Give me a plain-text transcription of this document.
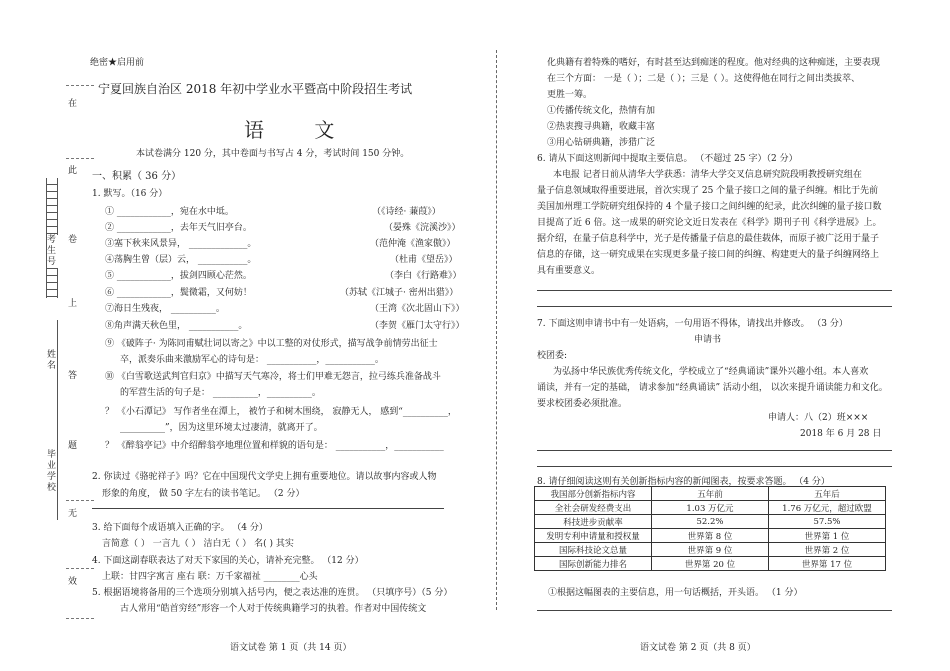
在
此
卷
上
答
题
无
效
考生号
姓名
毕业学校
绝密★启用前
宁夏回族自治区 2018 年初中学业水平暨高中阶段招生考试
语 文
本试卷满分 120 分，其中卷面与书写占 4 分，考试时间 150 分钟。
一、积累（ 36 分）
1. 默写。（16 分）
① ____________，宛在水中坻。	（《诗经· 蒹葭》）
② ____________，去年天气旧亭台。	（晏殊《浣溪沙》）
③塞下秋来风景异， _____________。	（范仲淹《渔家傲》）
④荡胸生曾（层）云， ___________。	（杜甫《望岳》）
⑤ ____________，拔剑四顾心茫然。	（李白《行路难》）
⑥ ____________，鬓微霜，又何妨！	（苏轼《江城子· 密州出猎》）
⑦海日生残夜， __________。	（王湾《次北固山下》）
⑧角声满天秋色里， ___________。	（李贺《雁门太守行》）
⑨ 《破阵子· 为陈同甫赋壮词以寄之》中以工整的对仗形式，描写战争前情劳出征士
卒，派奏乐曲来激励军心的诗句是： ___________，___________。
⑩ 《白雪歌送武判官归京》中描写天气寒冷，将士们甲难无怨言，拉弓练兵准备战斗
的军营生活的句子是： __________，__________。
？ 《小石潭记》 写作者坐在潭上， 被竹子和树木围绕， 寂静无人， 感到“__________，
__________”，因为这里环境太过凄清，就离开了。
？ 《醉翁亭记》中介绍醉翁亭地理位置和样貌的语句是： ___________，___________
2. 你读过《骆驼祥子》吗？它在中国现代文学史上拥有重要地位。请以故事内容或人物
形象的角度， 做 50 字左右的读书笔记。 （2 分）
3. 给下面每个成语填入正确的字。 （4 分）
言简意（ ） 一言九（ ） 洁白无（ ） 名( ) 其实
4. 下面这副春联表达了对天下家国的关心，请补充完整。 （12 分）
上联：甘四字寓言 座右 联：万千家福祉 ________心头
5. 根据语境将备用的三个选项分别填入括号内，便之表达准的连贯。 （只填序号）（5 分）
古人常用“皓首穷经”形容一个人对于传统典籍学习的执着。作者对中国传统文
语文试卷 第 1 页（共 14 页）
化典籍有着特殊的嗜好，有时甚至达到痴迷的程度。他对经典的这种痴迷，主要表现
在三个方面： 一是（ ）；二是（ ）；三是（ ）。这使得他在同行之间出类拔萃、
更胜一筹。
①传播传统文化，热情有加
②热衷搜寻典籍，收藏丰富
③用心钻研典籍，涉猎广泛
6. 请从下面这则新闻中提取主要信息。 （不超过 25 字）（2 分）
本电报 记者日前从清华大学获悉：清华大学交叉信息研究院段明教授研究组在
量子信息领域取得重要进展，首次实现了 25 个量子接口之间的量子纠缠。相比于先前
美国加州理工学院研究组保持的 4 个量子接口之间纠缠的纪录，此次纠缠的量子接口数
目提高了近 6 倍。这一成果的研究论文近日发表在《科学》期刊子刊《科学进展》上。
据介绍，在量子信息科学中，光子是传播量子信息的最佳载体，而原子被广泛用于量子
信息的存储，这一研究成果在实现更多量子接口间的纠缠、构建更大的量子纠缠网络上
具有重要意义。
7. 下面这则申请书中有一处语病，一句用语不得体，请找出并修改。 （3 分）
申请书
校团委:
为弘扬中华民族优秀传统文化，学校成立了“经典诵读”课外兴趣小组。本人喜欢
诵读，并有一定的基础， 请求参加“经典诵读” 活动小组， 以次来提升诵读能力和文化。
要求校团委必须批准。
申请人：八（2）班×××
2018 年 6 月 28 日
8. 请仔细阅读这则有关创新指标内容的新闻图表，按要求答题。 （4 分）
我国部分创新指标内容	五年前	五年后
全社会研发经费支出	1.03 万亿元	1.76 万亿元，超过欧盟
科技进步贡献率	52.2%	57.5%
发明专利申请量和授权量	世界第 8 位	世界第 1 位
国际科技论文总量	世界第 9 位	世界第 2 位
国际创新能力排名	世界第 20 位	世界第 17 位
①根据这幅图表的主要信息，用一句话概括，开头语。 （1 分）
语文试卷 第 2 页（共 8 页）
